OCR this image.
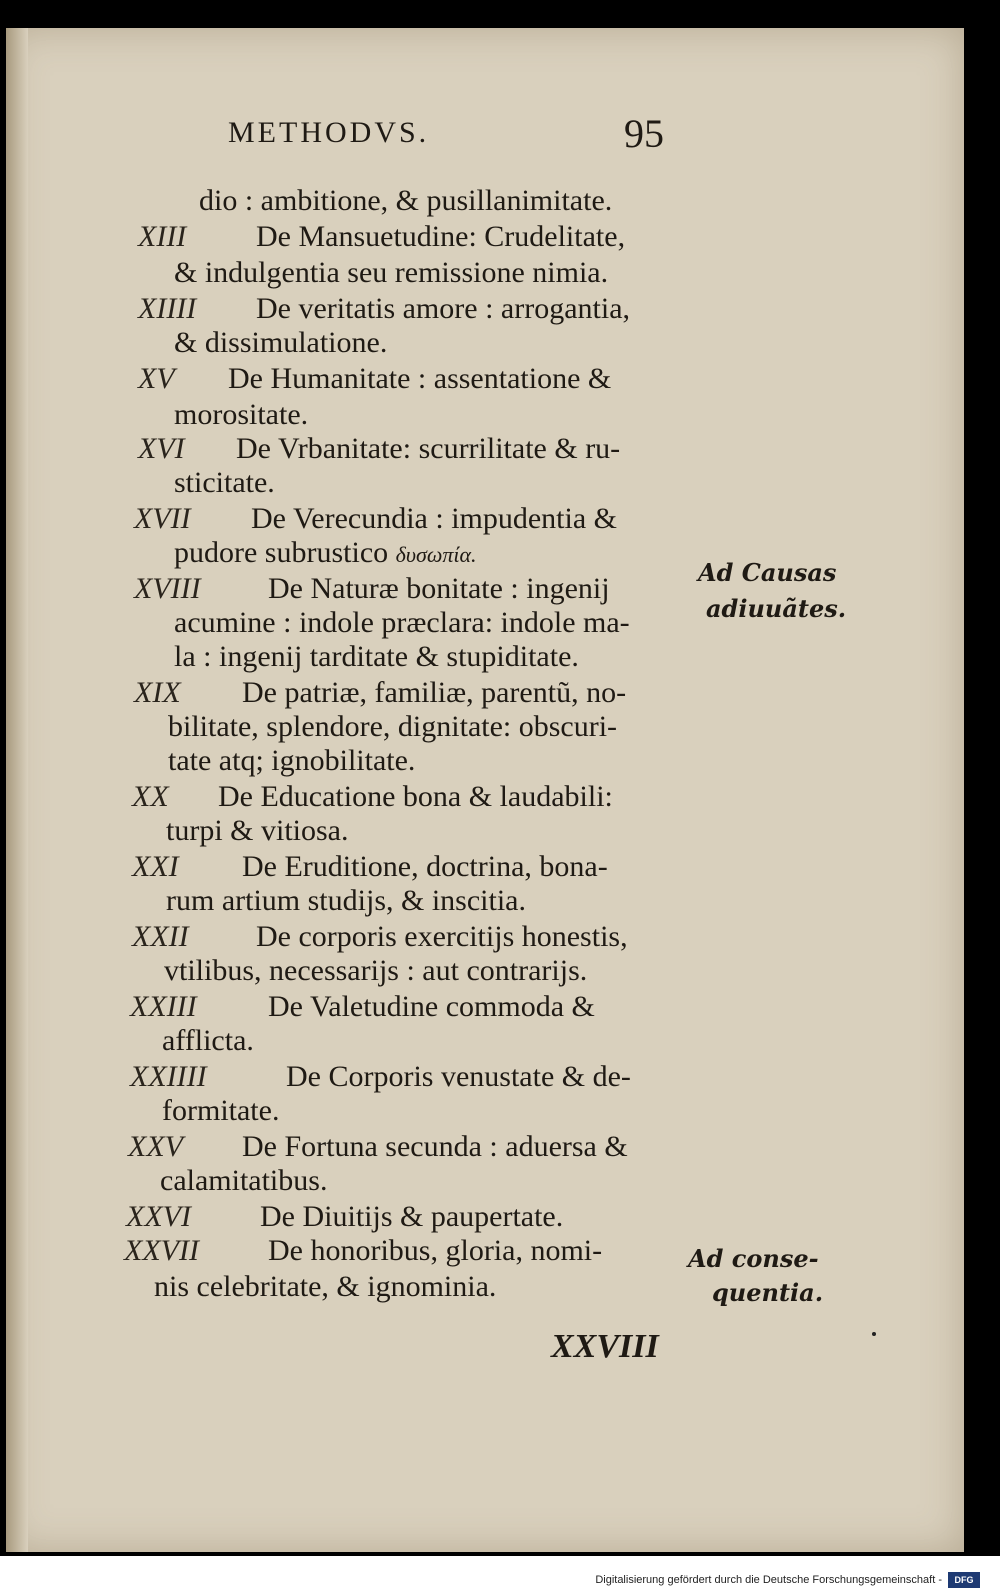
METHODVS.	95
dio : ambitione, & pusillanimitate.
XIII De Mansuetudine: Crudelitate,
& indulgentia seu remissione nimia.
XIIII De veritatis amore : arrogantia,
& dissimulatione.
XV De Humanitate : assentatione &
morositate.
XVI De Vrbanitate: scurrilitate & ru-
sticitate.
XVII De Verecundia : impudentia &
pudore subrustico δυσωπία.
XVIII De Naturæ bonitate : ingenij
acumine : indole præclara: indole ma-
la : ingenij tarditate & stupiditate.
XIX De patriæ, familiæ, parentũ, no-
bilitate, splendore, dignitate: obscuri-
tate atq; ignobilitate.
XX De Educatione bona & laudabili:
turpi & vitiosa.
XXI De Eruditione, doctrina, bona-
rum artium studijs, & inscitia.
XXII De corporis exercitijs honestis,
vtilibus, necessarijs : aut contrarijs.
XXIII De Valetudine commoda &
afflicta.
XXIIII	De Corporis venustate & de-
formitate.
XXV De Fortuna secunda : aduersa &
calamitatibus.
XXVI De Diuitijs & paupertate.
XXVII De honoribus, gloria, nomi-
nis celebritate, & ignominia.
Ad Causas
adiuuãtes.
Ad conse-
quentia.
XXVIII
Digitalisierung gefördert durch die Deutsche Forschungsgemeinschaft -	DFG
